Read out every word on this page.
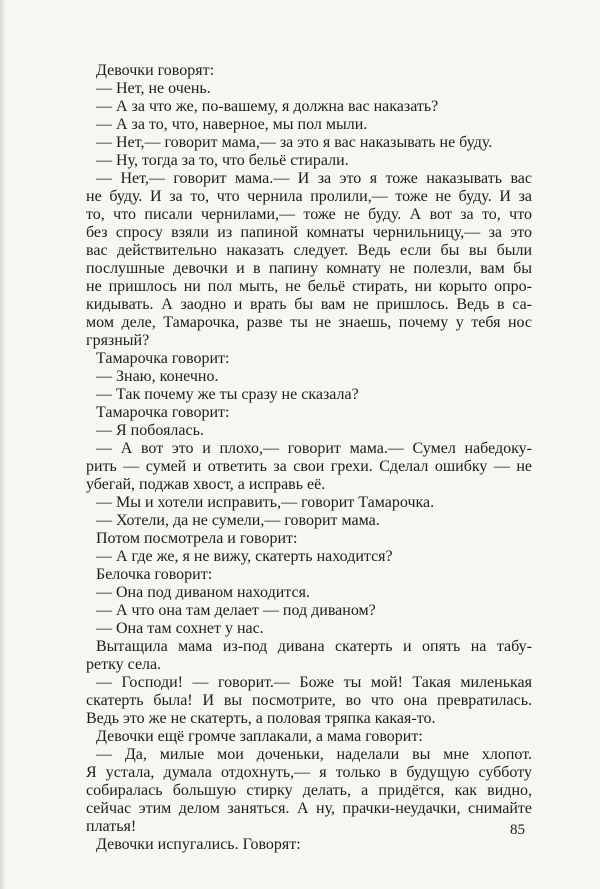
Девочки говорят:
— Нет, не очень.
— А за что же, по-вашему, я должна вас наказать?
— А за то, что, наверное, мы пол мыли.
— Нет,— говорит мама,— за это я вас наказывать не буду.
— Ну, тогда за то, что бельё стирали.
— Нет,— говорит мама.— И за это я тоже наказывать вас
не буду. И за то, что чернила пролили,— тоже не буду. И за
то, что писали чернилами,— тоже не буду. А вот за то, что
без спросу взяли из папиной комнаты чернильницу,— за это
вас действительно наказать следует. Ведь если бы вы были
послушные девочки и в папину комнату не полезли, вам бы
не пришлось ни пол мыть, не бельё стирать, ни корыто опро-
кидывать. А заодно и врать бы вам не пришлось. Ведь в са-
мом деле, Тамарочка, разве ты не знаешь, почему у тебя нос
грязный?
Тамарочка говорит:
— Знаю, конечно.
— Так почему же ты сразу не сказала?
Тамарочка говорит:
— Я побоялась.
— А вот это и плохо,— говорит мама.— Сумел набедоку-
рить — сумей и ответить за свои грехи. Сделал ошибку — не
убегай, поджав хвост, а исправь её.
— Мы и хотели исправить,— говорит Тамарочка.
— Хотели, да не сумели,— говорит мама.
Потом посмотрела и говорит:
— А где же, я не вижу, скатерть находится?
Белочка говорит:
— Она под диваном находится.
— А что она там делает — под диваном?
— Она там сохнет у нас.
Вытащила мама из-под дивана скатерть и опять на табу-
ретку села.
— Господи! — говорит.— Боже ты мой! Такая миленькая
скатерть была! И вы посмотрите, во что она превратилась.
Ведь это же не скатерть, а половая тряпка какая-то.
Девочки ещё громче заплакали, а мама говорит:
— Да, милые мои доченьки, наделали вы мне хлопот.
Я устала, думала отдохнуть,— я только в будущую субботу
собиралась большую стирку делать, а придётся, как видно,
сейчас этим делом заняться. А ну, прачки-неудачки, снимайте
платья!
Девочки испугались. Говорят:
85
